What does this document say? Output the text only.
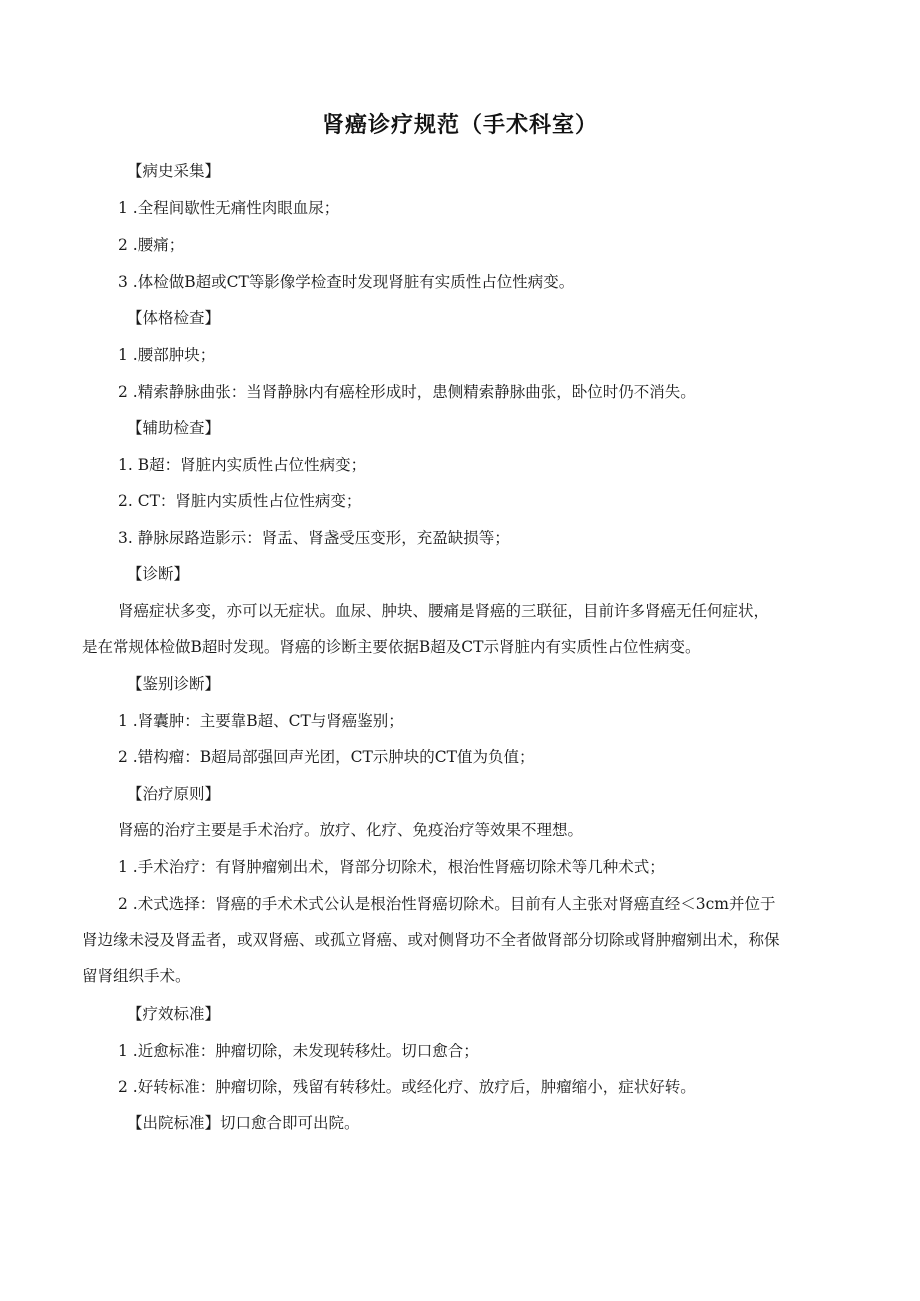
肾癌诊疗规范（手术科室）
【病史采集】
1 .全程间歇性无痛性肉眼血尿；
2 .腰痛；
3 .体检做B超或CT等影像学检查时发现肾脏有实质性占位性病变。
【体格检查】
1 .腰部肿块；
2 .精索静脉曲张：当肾静脉内有癌栓形成时，患侧精索静脉曲张，卧位时仍不消失。
【辅助检查】
1. B超：肾脏内实质性占位性病变；
2. CT：肾脏内实质性占位性病变；
3. 静脉尿路造影示：肾盂、肾盏受压变形，充盈缺损等；
【诊断】
肾癌症状多变，亦可以无症状。血尿、肿块、腰痛是肾癌的三联征，目前许多肾癌无任何症状，
是在常规体检做B超时发现。肾癌的诊断主要依据B超及CT示肾脏内有实质性占位性病变。
【鉴别诊断】
1 .肾囊肿：主要靠B超、CT与肾癌鉴别；
2 .错构瘤：B超局部强回声光团，CT示肿块的CT值为负值；
【治疗原则】
肾癌的治疗主要是手术治疗。放疗、化疗、免疫治疗等效果不理想。
1 .手术治疗：有肾肿瘤剜出术，肾部分切除术，根治性肾癌切除术等几种术式；
2 .术式选择：肾癌的手术术式公认是根治性肾癌切除术。目前有人主张对肾癌直经＜3cm并位于
肾边缘未浸及肾盂者，或双肾癌、或孤立肾癌、或对侧肾功不全者做肾部分切除或肾肿瘤剜出术，称保
留肾组织手术。
【疗效标准】
1 .近愈标准：肿瘤切除，未发现转移灶。切口愈合；
2 .好转标准：肿瘤切除，残留有转移灶。或经化疗、放疗后，肿瘤缩小，症状好转。
【出院标准】切口愈合即可出院。
